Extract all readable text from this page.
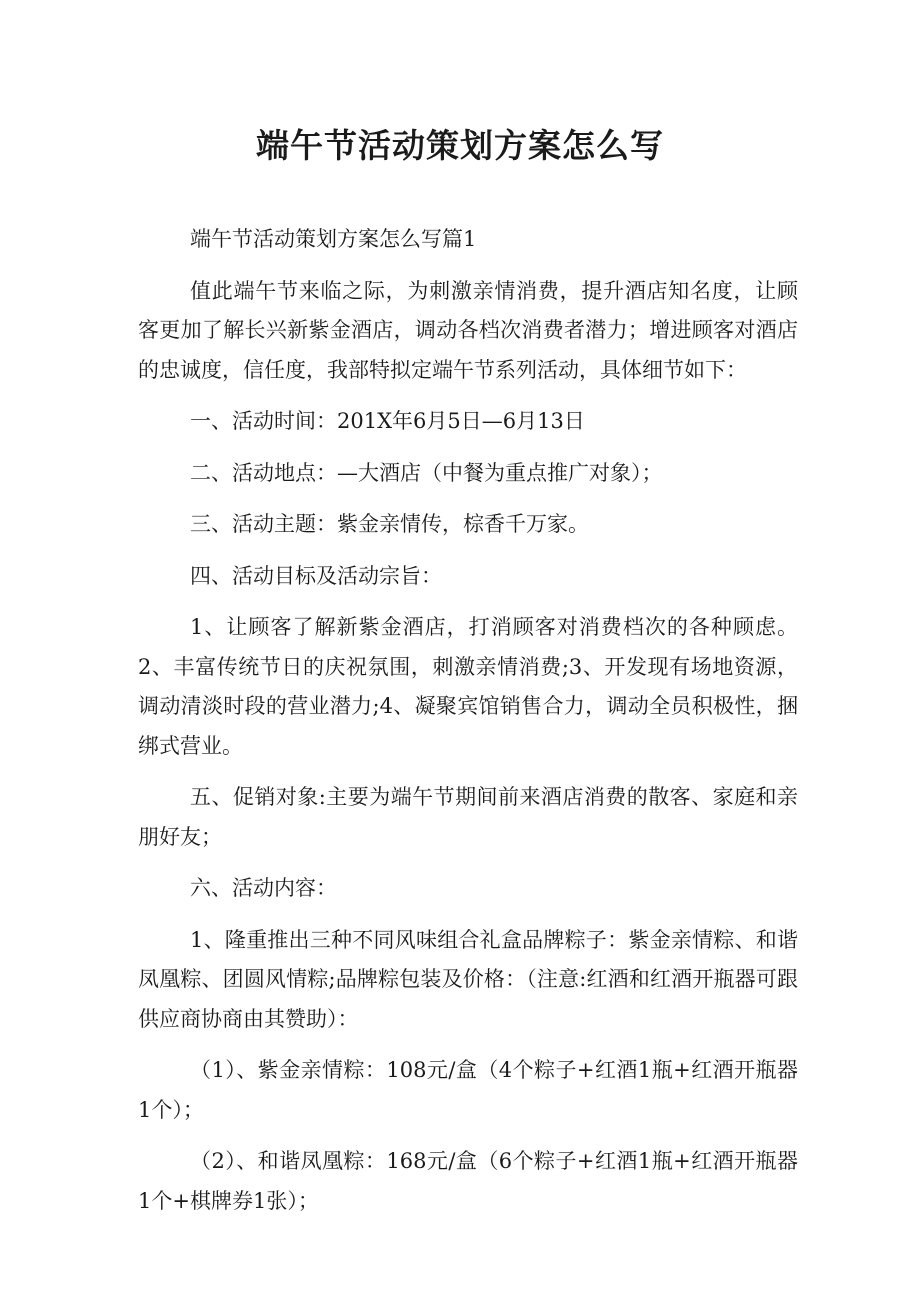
端午节活动策划方案怎么写

端午节活动策划方案怎么写篇1

值此端午节来临之际，为刺激亲情消费，提升酒店知名度，让顾客更加了解长兴新紫金酒店，调动各档次消费者潜力；增进顾客对酒店的忠诚度，信任度，我部特拟定端午节系列活动，具体细节如下：

一、活动时间：201X年6月5日—6月13日

二、活动地点：—大酒店（中餐为重点推广对象）；

三、活动主题：紫金亲情传，棕香千万家。

四、活动目标及活动宗旨：

1、让顾客了解新紫金酒店，打消顾客对消费档次的各种顾虑。2、丰富传统节日的庆祝氛围，刺激亲情消费;3、开发现有场地资源，调动清淡时段的营业潜力;4、凝聚宾馆销售合力，调动全员积极性，捆绑式营业。

五、促销对象:主要为端午节期间前来酒店消费的散客、家庭和亲朋好友；

六、活动内容：

1、隆重推出三种不同风味组合礼盒品牌粽子：紫金亲情粽、和谐凤凰粽、团圆风情粽;品牌粽包装及价格：（注意:红酒和红酒开瓶器可跟供应商协商由其赞助）：

（1）、紫金亲情粽：108元/盒（4个粽子+红酒1瓶+红酒开瓶器1个）；

（2）、和谐凤凰粽：168元/盒（6个粽子+红酒1瓶+红酒开瓶器1个+棋牌券1张）；
